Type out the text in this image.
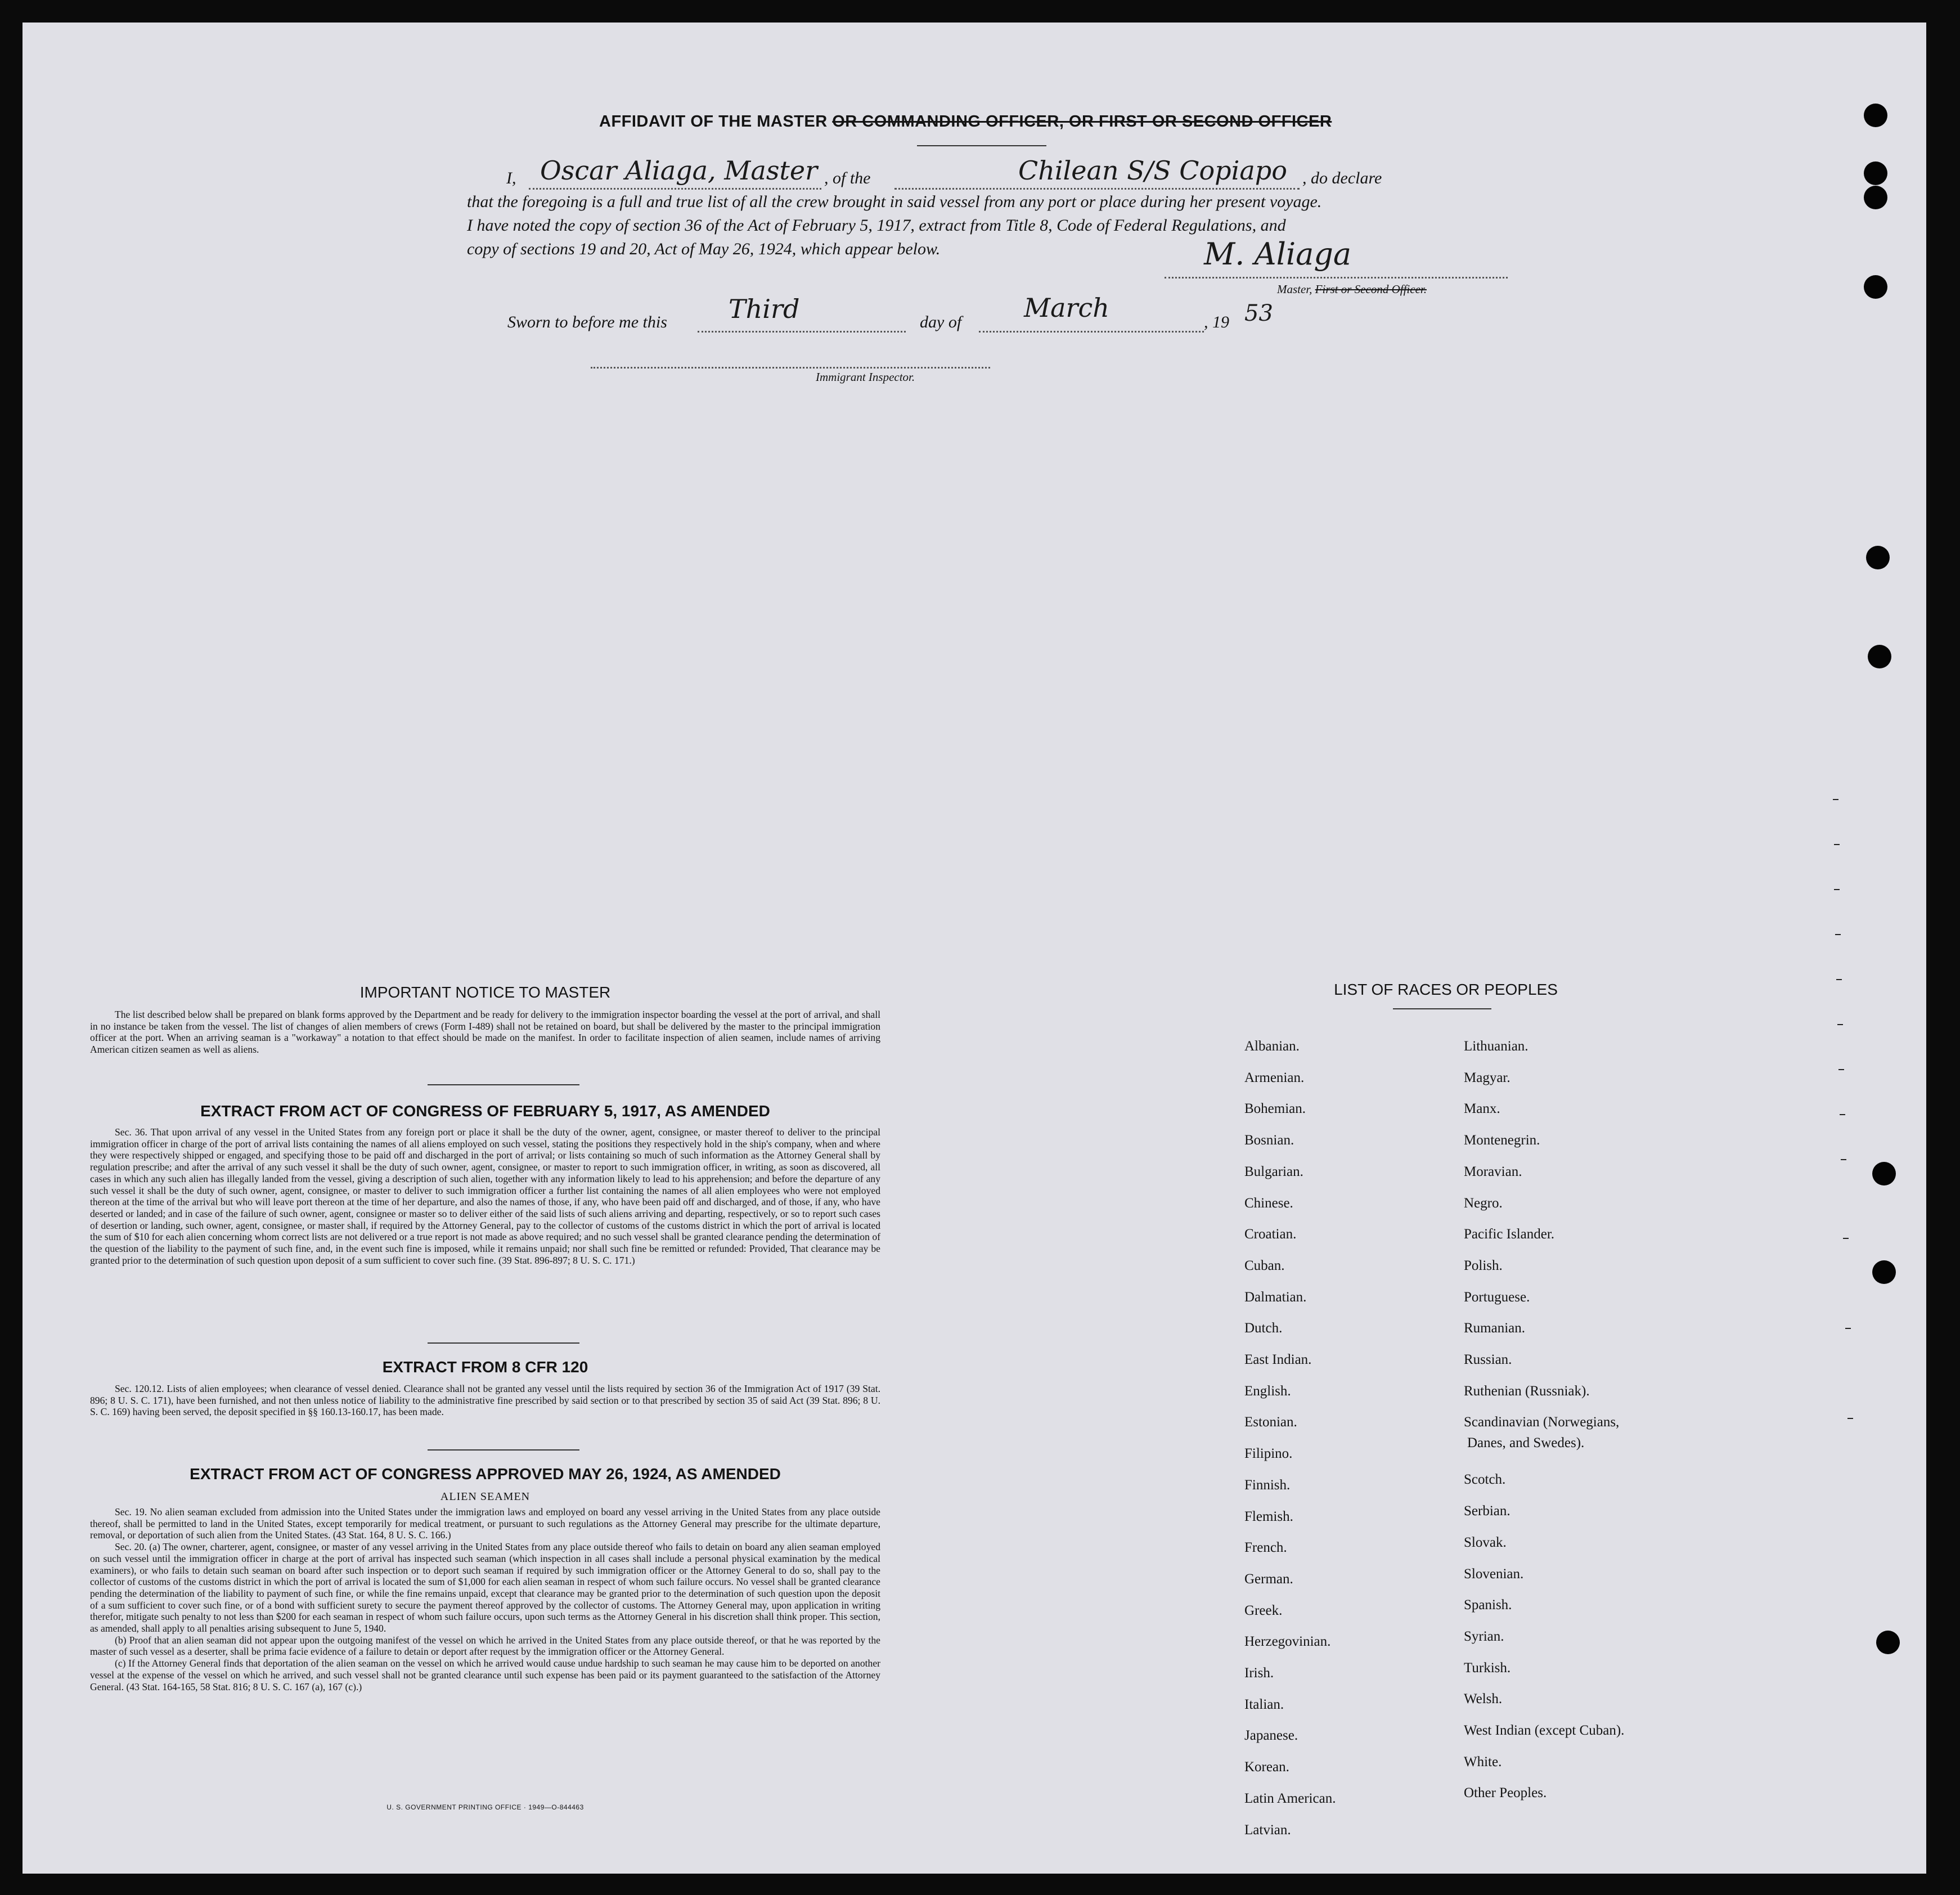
AFFIDAVIT OF THE MASTER OR COMMANDING OFFICER, OR FIRST OR SECOND OFFICER
I, Oscar Aliaga, Master , of the	Chilean S/S Copiapo , do declare
that the foregoing is a full and true list of all the crew brought in said vessel from any port or place during her present voyage.
I have noted the copy of section 36 of the Act of February 5, 1917, extract from Title 8, Code of Federal Regulations, and
copy of sections 19 and 20, Act of May 26, 1924, which appear below.	M. Aliaga
Master, First or Second Officer.
Sworn to before me this Third	day of March	, 19 53
Immigrant Inspector.
IMPORTANT NOTICE TO MASTER

The list described below shall be prepared on blank forms approved by the Department and be ready for delivery to the immigration inspector boarding the vessel at the port of arrival, and shall in no instance be taken from the vessel. The list of changes of alien members of crews (Form I-489) shall not be retained on board, but shall be delivered by the master to the principal immigration officer at the port. When an arriving seaman is a "workaway" a notation to that effect should be made on the manifest. In order to facilitate inspection of alien seamen, include names of arriving American citizen seamen as well as aliens.

EXTRACT FROM ACT OF CONGRESS OF FEBRUARY 5, 1917, AS AMENDED

Sec. 36. That upon arrival of any vessel in the United States from any foreign port or place it shall be the duty of the owner, agent, consignee, or master thereof to deliver to the principal immigration officer in charge of the port of arrival lists containing the names of all aliens employed on such vessel, stating the positions they respectively hold in the ship's company, when and where they were respectively shipped or engaged, and specifying those to be paid off and discharged in the port of arrival; or lists containing so much of such information as the Attorney General shall by regulation prescribe; and after the arrival of any such vessel it shall be the duty of such owner, agent, consignee, or master to report to such immigration officer, in writing, as soon as discovered, all cases in which any such alien has illegally landed from the vessel, giving a description of such alien, together with any information likely to lead to his apprehension; and before the departure of any such vessel it shall be the duty of such owner, agent, consignee, or master to deliver to such immigration officer a further list containing the names of all alien employees who were not employed thereon at the time of the arrival but who will leave port thereon at the time of her departure, and also the names of those, if any, who have been paid off and discharged, and of those, if any, who have deserted or landed; and in case of the failure of such owner, agent, consignee or master so to deliver either of the said lists of such aliens arriving and departing, respectively, or so to report such cases of desertion or landing, such owner, agent, consignee, or master shall, if required by the Attorney General, pay to the collector of customs of the customs district in which the port of arrival is located the sum of $10 for each alien concerning whom correct lists are not delivered or a true report is not made as above required; and no such vessel shall be granted clearance pending the determination of the question of the liability to the payment of such fine, and, in the event such fine is imposed, while it remains unpaid; nor shall such fine be remitted or refunded: Provided, That clearance may be granted prior to the determination of such question upon deposit of a sum sufficient to cover such fine. (39 Stat. 896-897; 8 U. S. C. 171.)

EXTRACT FROM 8 CFR 120

Sec. 120.12. Lists of alien employees; when clearance of vessel denied. Clearance shall not be granted any vessel until the lists required by section 36 of the Immigration Act of 1917 (39 Stat. 896; 8 U. S. C. 171), have been furnished, and not then unless notice of liability to the administrative fine prescribed by said section or to that prescribed by section 35 of said Act (39 Stat. 896; 8 U. S. C. 169) having been served, the deposit specified in §§ 160.13-160.17, has been made.

EXTRACT FROM ACT OF CONGRESS APPROVED MAY 26, 1924, AS AMENDED
ALIEN SEAMEN

Sec. 19. No alien seaman excluded from admission into the United States under the immigration laws and employed on board any vessel arriving in the United States from any place outside thereof, shall be permitted to land in the United States, except temporarily for medical treatment, or pursuant to such regulations as the Attorney General may prescribe for the ultimate departure, removal, or deportation of such alien from the United States. (43 Stat. 164, 8 U. S. C. 166.)

Sec. 20. (a) The owner, charterer, agent, consignee, or master of any vessel arriving in the United States from any place outside thereof who fails to detain on board any alien seaman employed on such vessel until the immigration officer in charge at the port of arrival has inspected such seaman (which inspection in all cases shall include a personal physical examination by the medical examiners), or who fails to detain such seaman on board after such inspection or to deport such seaman if required by such immigration officer or the Attorney General to do so, shall pay to the collector of customs of the customs district in which the port of arrival is located the sum of $1,000 for each alien seaman in respect of whom such failure occurs. No vessel shall be granted clearance pending the determination of the liability to payment of such fine, or while the fine remains unpaid, except that clearance may be granted prior to the determination of such question upon the deposit of a sum sufficient to cover such fine, or of a bond with sufficient surety to secure the payment thereof approved by the collector of customs. The Attorney General may, upon application in writing therefor, mitigate such penalty to not less than $200 for each seaman in respect of whom such failure occurs, upon such terms as the Attorney General in his discretion shall think proper. This section, as amended, shall apply to all penalties arising subsequent to June 5, 1940.

(b) Proof that an alien seaman did not appear upon the outgoing manifest of the vessel on which he arrived in the United States from any place outside thereof, or that he was reported by the master of such vessel as a deserter, shall be prima facie evidence of a failure to detain or deport after request by the immigration officer or the Attorney General.

(c) If the Attorney General finds that deportation of the alien seaman on the vessel on which he arrived would cause undue hardship to such seaman he may cause him to be deported on another vessel at the expense of the vessel on which he arrived, and such vessel shall not be granted clearance until such expense has been paid or its payment guaranteed to the satisfaction of the Attorney General. (43 Stat. 164-165, 58 Stat. 816; 8 U. S. C. 167 (a), 167 (c).)

U. S. GOVERNMENT PRINTING OFFICE · 1949—O-844463
LIST OF RACES OR PEOPLES
Albanian.
Armenian.
Bohemian.
Bosnian.
Bulgarian.
Chinese.
Croatian.
Cuban.
Dalmatian.
Dutch.
East Indian.
English.
Estonian.
Filipino.
Finnish.
Flemish.
French.
German.
Greek.
Herzegovinian.
Irish.
Italian.
Japanese.
Korean.
Latin American.
Latvian.
Lithuanian.
Magyar.
Manx.
Montenegrin.
Moravian.
Negro.
Pacific Islander.
Polish.
Portuguese.
Rumanian.
Russian.
Ruthenian (Russniak).
Scandinavian (Norwegians,
Danes, and Swedes).
Scotch.
Serbian.
Slovak.
Slovenian.
Spanish.
Syrian.
Turkish.
Welsh.
West Indian (except Cuban).
White.
Other Peoples.
